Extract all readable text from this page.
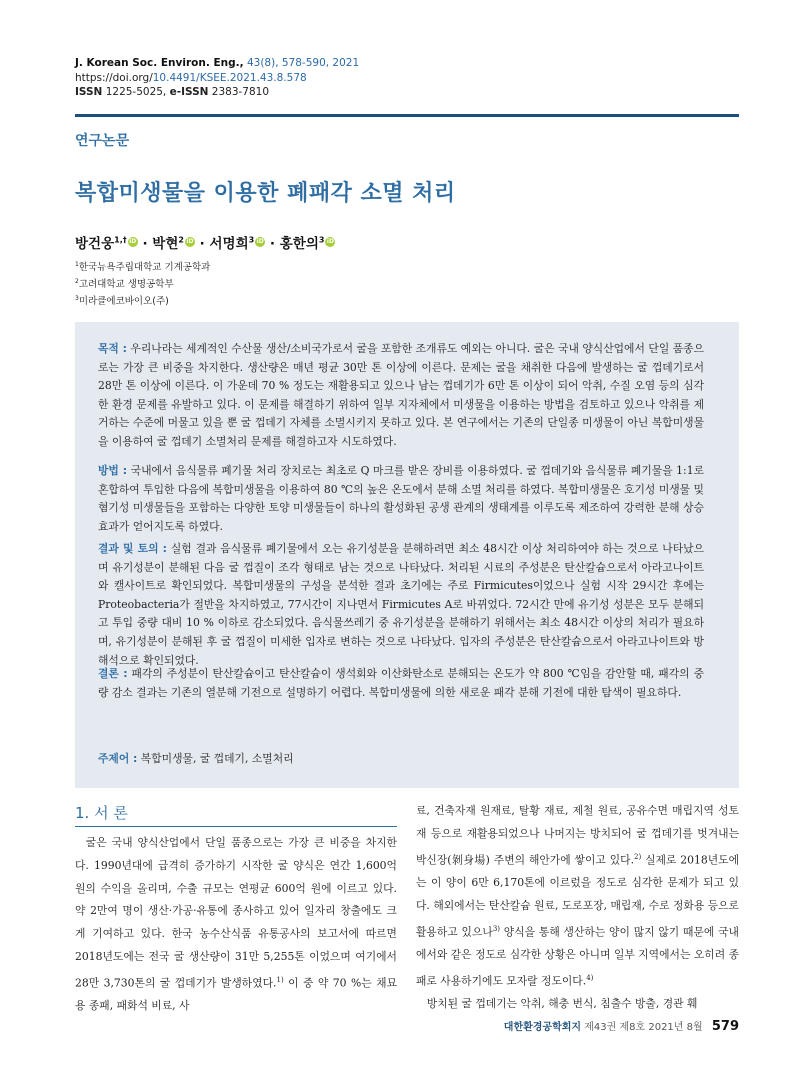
J. Korean Soc. Environ. Eng., 43(8), 578-590, 2021
https://doi.org/10.4491/KSEE.2021.43.8.578
ISSN 1225-5025, e-ISSN 2383-7810
연구논문
복합미생물을 이용한 폐패각 소멸 처리
방건웅$^{1,\dagger}$ iD · 박현$^2$ iD · 서명희$^3$ iD · 홍한의$^3$ iD
$^1$한국뉴욕주립대학교 기계공학과
$^2$고려대학교 생명공학부
$^3$미라클에코바이오(주)
목적 : 우리나라는 세계적인 수산물 생산/소비국가로서 굴을 포함한 조개류도 예외는 아니다. 굴은 국내 양식산업에서 단일 품종으로는 가장 큰 비중을 차지한다. 생산량은 매년 평균 30만 톤 이상에 이른다. 문제는 굴을 채취한 다음에 발생하는 굴 껍데기로서 28만 톤 이상에 이른다. 이 가운데 70 % 정도는 재활용되고 있으나 남는 껍데기가 6만 톤 이상이 되어 악취, 수질 오염 등의 심각한 환경 문제를 유발하고 있다. 이 문제를 해결하기 위하여 일부 지자체에서 미생물을 이용하는 방법을 검토하고 있으나 악취를 제거하는 수준에 머물고 있을 뿐 굴 껍데기 자체를 소멸시키지 못하고 있다. 본 연구에서는 기존의 단일종 미생물이 아닌 복합미생물을 이용하여 굴 껍데기 소멸처리 문제를 해결하고자 시도하였다.
방법 : 국내에서 음식물류 폐기물 처리 장치로는 최초로 Q 마크를 받은 장비를 이용하였다. 굴 껍데기와 음식물류 폐기물을 1:1로 혼합하여 투입한 다음에 복합미생물을 이용하여 80 ℃의 높은 온도에서 분해 소멸 처리를 하였다. 복합미생물은 호기성 미생물 및 혐기성 미생물들을 포함하는 다양한 토양 미생물들이 하나의 활성화된 공생 관계의 생태계를 이루도록 제조하여 강력한 분해 상승효과가 얻어지도록 하였다.
결과 및 토의 : 실험 결과 음식물류 폐기물에서 오는 유기성분을 분해하려면 최소 48시간 이상 처리하여야 하는 것으로 나타났으며 유기성분이 분해된 다음 굴 껍질이 조각 형태로 남는 것으로 나타났다. 처리된 시료의 주성분은 탄산칼슘으로서 아라고나이트와 캘사이트로 확인되었다. 복합미생물의 구성을 분석한 결과 초기에는 주로 Firmicutes이었으나 실험 시작 29시간 후에는 Proteobacteria가 절반을 차지하였고, 77시간이 지나면서 Firmicutes A로 바뀌었다. 72시간 만에 유기성 성분은 모두 분해되고 투입 중량 대비 10 % 이하로 감소되었다. 음식물쓰레기 중 유기성분을 분해하기 위해서는 최소 48시간 이상의 처리가 필요하며, 유기성분이 분해된 후 굴 껍질이 미세한 입자로 변하는 것으로 나타났다. 입자의 주성분은 탄산칼슘으로서 아라고나이트와 방해석으로 확인되었다.
결론 : 패각의 주성분이 탄산칼슘이고 탄산칼슘이 생석회와 이산화탄소로 분해되는 온도가 약 800 ℃임을 감안할 때, 패각의 중량 감소 결과는 기존의 열분해 기전으로 설명하기 어렵다. 복합미생물에 의한 새로운 패각 분해 기전에 대한 탐색이 필요하다.
주제어 : 복합미생물, 굴 껍데기, 소멸처리
1. 서 론
굴은 국내 양식산업에서 단일 품종으로는 가장 큰 비중을 차지한다. 1990년대에 급격히 증가하기 시작한 굴 양식은 연간 1,600억 원의 수익을 올리며, 수출 규모는 연평균 600억 원에 이르고 있다. 약 2만여 명이 생산·가공·유통에 종사하고 있어 일자리 창출에도 크게 기여하고 있다. 한국 농수산식품 유통공사의 보고서에 따르면 2018년도에는 전국 굴 생산량이 31만 5,255톤 이었으며 여기에서 28만 3,730톤의 굴 껍데기가 발생하였다.$^{1)}$ 이 중 약 70 %는 채묘용 종패, 패화석 비료, 사
료, 건축자재 원재료, 탈황 재료, 제철 원료, 공유수면 매립지역 성토재 등으로 재활용되었으나 나머지는 방치되어 굴 껍데기를 벗겨내는 박신장(剝身場) 주변의 해안가에 쌓이고 있다.$^{2)}$ 실제로 2018년도에는 이 양이 6만 6,170톤에 이르렀을 정도로 심각한 문제가 되고 있다. 해외에서는 탄산칼슘 원료, 도로포장, 매립재, 수로 정화용 등으로 활용하고 있으나$^{3)}$ 양식을 통해 생산하는 양이 많지 않기 때문에 국내에서와 같은 정도로 심각한 상황은 아니며 일부 지역에서는 오히려 종패로 사용하기에도 모자랄 정도이다.$^{4)}$
방치된 굴 껍데기는 악취, 해충 번식, 침출수 방출, 경관 훼
대한환경공학회지 제43권 제8호 2021년 8월 579
